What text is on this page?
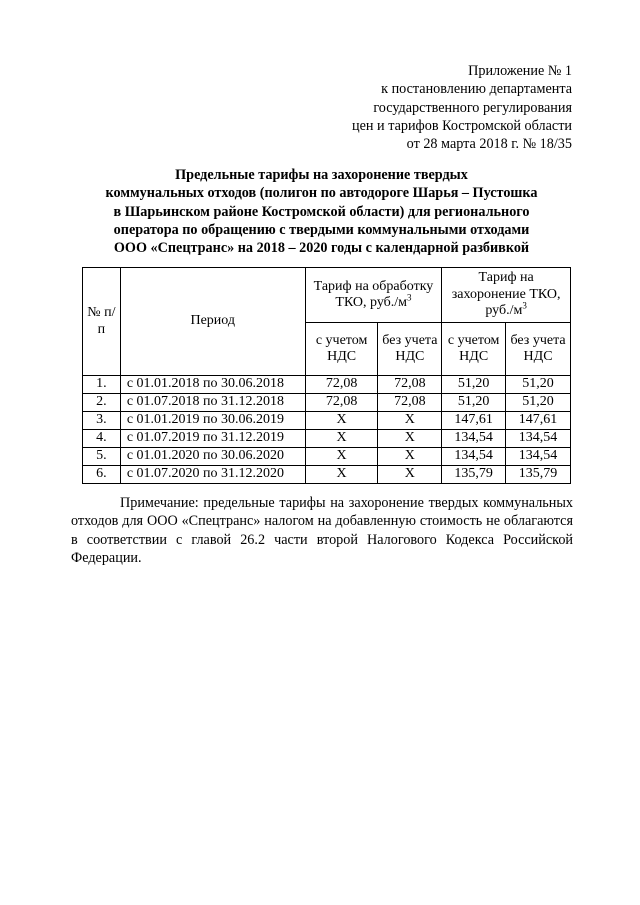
Приложение № 1
к постановлению департамента
государственного регулирования
цен и тарифов Костромской области
от 28 марта 2018 г. № 18/35
Предельные тарифы на захоронение твердых
коммунальных отходов (полигон по автодороге Шарья – Пустошка
в Шарьинском районе Костромской области) для регионального
оператора по обращению с твердыми коммунальными отходами
ООО «Спецтранс» на 2018 – 2020 годы с календарной разбивкой
№ п/п	Период	Тариф на обработку ТКО, $руб./м^3$		Тариф на захоронение ТКО, $руб./м^3$
		с учетом НДС	без учета НДС	с учетом НДС	без учета НДС
1.	с 01.01.2018 по 30.06.2018	72,08	72,08	51,20	51,20
2.	с 01.07.2018 по 31.12.2018	72,08	72,08	51,20	51,20
3.	с 01.01.2019 по 30.06.2019	Х	Х	147,61	147,61
4.	с 01.07.2019 по 31.12.2019	Х	Х	134,54	134,54
5.	с 01.01.2020 по 30.06.2020	Х	Х	134,54	134,54
6.	с 01.07.2020 по 31.12.2020	Х	Х	135,79	135,79
Примечание: предельные тарифы на захоронение твердых коммунальных отходов для ООО «Спецтранс» налогом на добавленную стоимость не облагаются в соответствии с главой 26.2 части второй Налогового Кодекса Российской Федерации.
